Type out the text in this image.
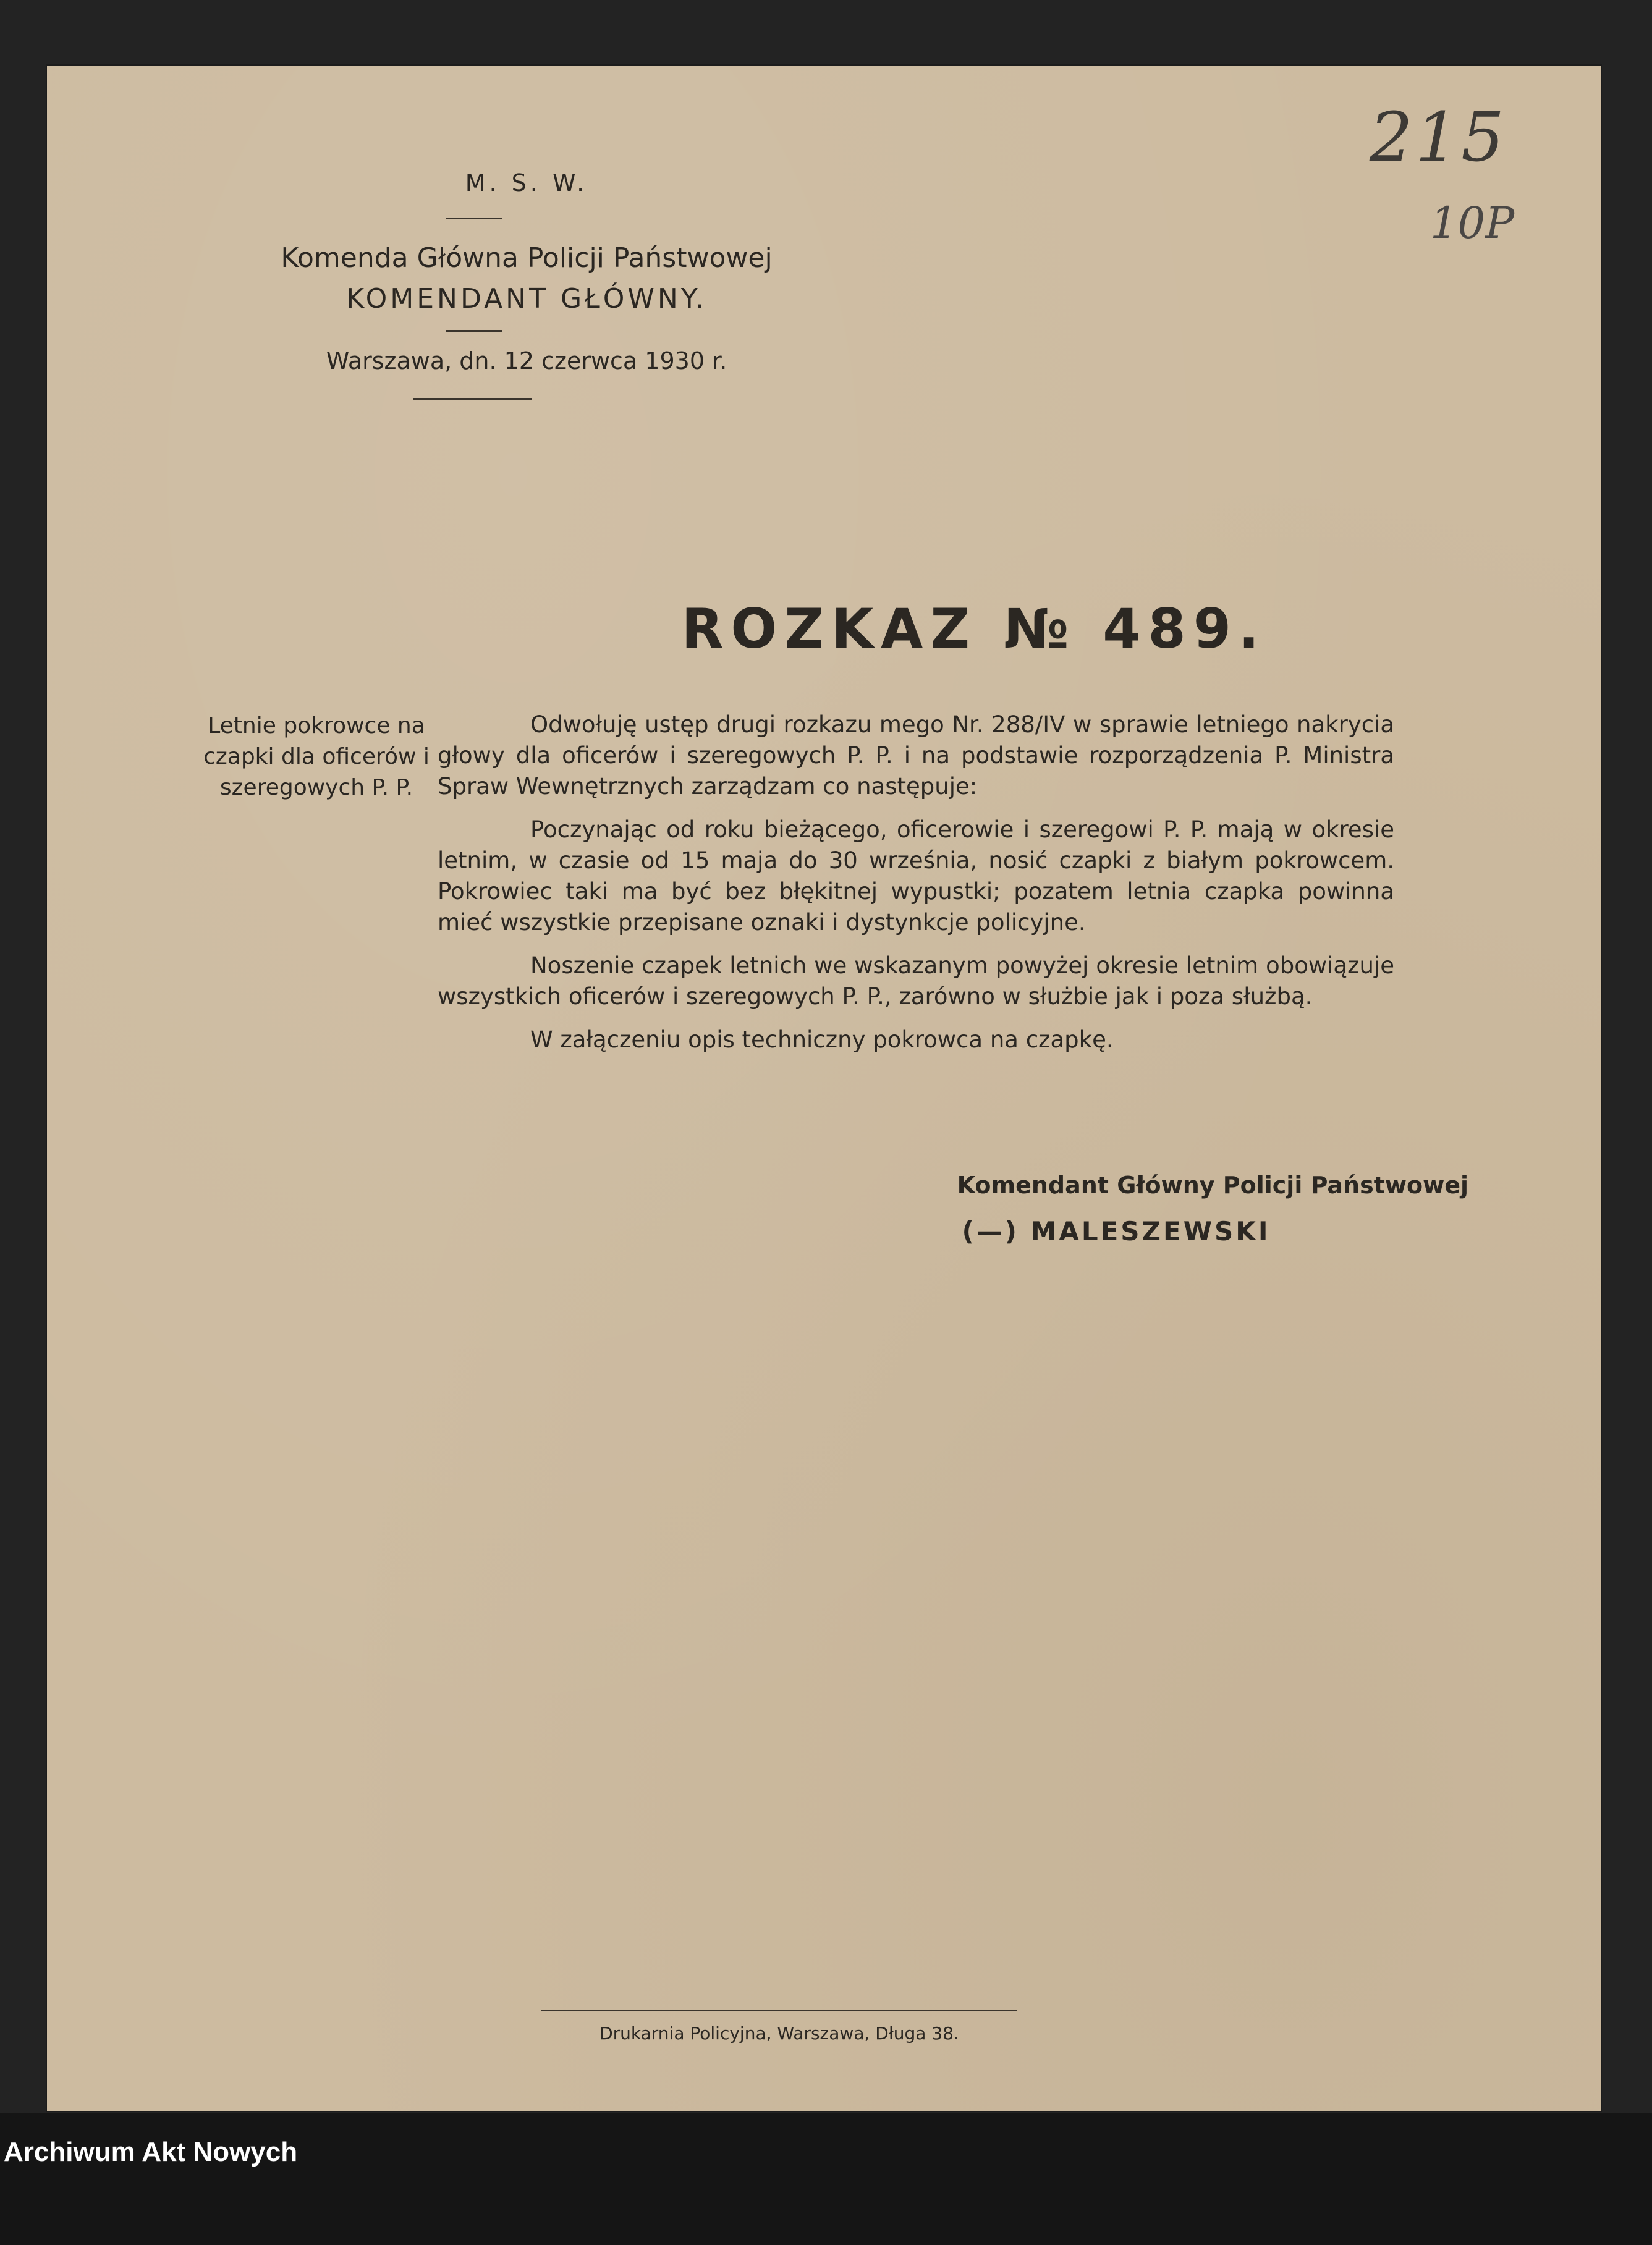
M. S. W.
Komenda Główna Policji Państwowej
KOMENDANT GŁÓWNY.
Warszawa, dn. 12 czerwca 1930 r.
215
10P
ROZKAZ № 489.
Letnie pokrowce na czapki dla oficerów i szeregowych P. P.

Odwołuję ustęp drugi rozkazu mego Nr. 288/IV w sprawie letniego nakrycia głowy dla oficerów i szeregowych P. P. i na podstawie rozporządzenia P. Ministra Spraw Wewnętrznych zarządzam co następuje:

Poczynając od roku bieżącego, oficerowie i szeregowi P. P. mają w okresie letnim, w czasie od 15 maja do 30 września, nosić czapki z białym pokrowcem. Pokrowiec taki ma być bez błękitnej wypustki; pozatem letnia czapka powinna mieć wszystkie przepisane oznaki i dystynkcje policyjne.

Noszenie czapek letnich we wskazanym powyżej okresie letnim obowiązuje wszystkich oficerów i szeregowych P. P., zarówno w służbie jak i poza służbą.

W załączeniu opis techniczny pokrowca na czapkę.

Komendant Główny Policji Państwowej
(—) MALESZEWSKI
Drukarnia Policyjna, Warszawa, Długa 38.
Archiwum Akt Nowych
